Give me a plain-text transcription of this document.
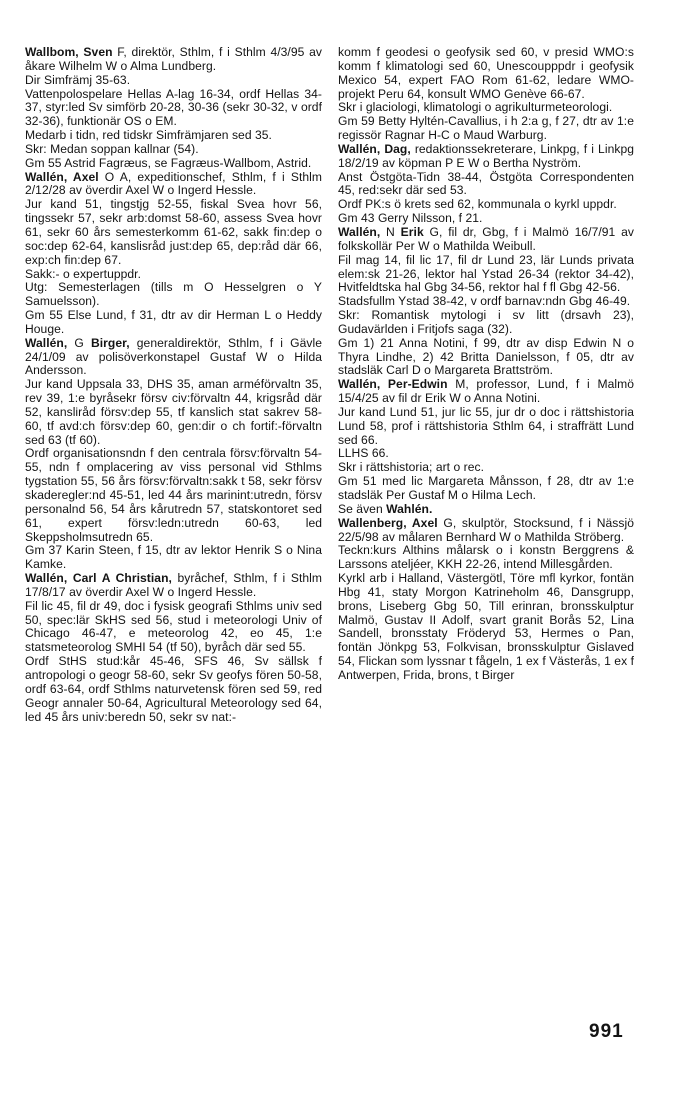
Wallbom, Sven F, direktör, Sthlm, f i Sthlm 4/3/95 av åkare Wilhelm W o Alma Lundberg.

Dir Simfrämj 35-63.

Vattenpolospelare Hellas A-lag 16-34, ordf Hellas 34-37, styr:led Sv simförb 20-28, 30-36 (sekr 30-32, v ordf 32-36), funktionär OS o EM.

Medarb i tidn, red tidskr Simfrämjaren sed 35.

Skr: Medan soppan kallnar (54).

Gm 55 Astrid Fagræus, se Fagræus-Wallbom, Astrid.

Wallén, Axel O A, expeditionschef, Sthlm, f i Sthlm 2/12/28 av överdir Axel W o Ingerd Hessle.

Jur kand 51, tingstjg 52-55, fiskal Svea hovr 56, tingssekr 57, sekr arb:domst 58-60, assess Svea hovr 61, sekr 60 års semesterkomm 61-62, sakk fin:dep o soc:dep 62-64, kanslisråd just:dep 65, dep:råd där 66, exp:ch fin:dep 67.

Sakk:- o expertuppdr.

Utg: Semesterlagen (tills m O Hesselgren o Y Samuelsson).

Gm 55 Else Lund, f 31, dtr av dir Herman L o Heddy Houge.

Wallén, G Birger, generaldirektör, Sthlm, f i Gävle 24/1/09 av polisöverkonstapel Gustaf W o Hilda Andersson.

Jur kand Uppsala 33, DHS 35, aman arméförvaltn 35, rev 39, 1:e byråsekr försv civ:förvaltn 44, krigsråd där 52, kanslіråd försv:dep 55, tf kanslich stat sakrev 58-60, tf avd:ch försv:dep 60, gen:dir o ch fortif:-förvaltn sed 63 (tf 60).

Ordf organisationsndn f den centrala försv:förvaltn 54-55, ndn f omplacering av viss personal vid Sthlms tygstation 55, 56 års försv:förvaltn:sakk t 58, sekr försv skaderegler:nd 45-51, led 44 års marinint:utredn, försv personalnd 56, 54 års kårutredn 57, statskontoret sed 61, expert försv:ledn:utredn 60-63, led Skeppsholmsutredn 65.

Gm 37 Karin Steen, f 15, dtr av lektor Henrik S o Nina Kamke.

Wallén, Carl A Christian, byråchef, Sthlm, f i Sthlm 17/8/17 av överdir Axel W o Ingerd Hessle.

Fil lic 45, fil dr 49, doc i fysisk geografi Sthlms univ sed 50, spec:lär SkHS sed 56, stud i meteorologi Univ of Chicago 46-47, e meteorolog 42, eo 45, 1:e statsmeteorolog SMHI 54 (tf 50), byråch där sed 55.

Ordf StHS stud:kår 45-46, SFS 46, Sv sällsk f antropologi o geogr 58-60, sekr Sv geofys fören 50-58, ordf 63-64, ordf Sthlms naturvetensk fören sed 59, red Geogr annaler 50-64, Agricultural Meteorology sed 64, led 45 års univ:beredn 50, sekr sv nat:-

komm f geodesi o geofysik sed 60, v presid WMO:s komm f klimatologi sed 60, Unescoupppdr i geofysik Mexico 54, expert FAO Rom 61-62, ledare WMO-projekt Peru 64, konsult WMO Genève 66-67.

Skr i glaciologi, klimatologi o agrikulturmeteorologi.

Gm 59 Betty Hyltén-Cavallius, i h 2:a g, f 27, dtr av 1:e regissör Ragnar H-C o Maud Warburg.

Wallén, Dag, redaktionssekreterare, Linkpg, f i Linkpg 18/2/19 av köpman P E W o Bertha Nyström.

Anst Östgöta-Tidn 38-44, Östgöta Correspondenten 45, red:sekr där sed 53.

Ordf PK:s ö krets sed 62, kommunala o kyrkl uppdr.

Gm 43 Gerry Nilsson, f 21.

Wallén, N Erik G, fil dr, Gbg, f i Malmö 16/7/91 av folkskollär Per W o Mathilda Weibull.

Fil mag 14, fil lic 17, fil dr Lund 23, lär Lunds privata elem:sk 21-26, lektor hal Ystad 26-34 (rektor 34-42), Hvitfeldtska hal Gbg 34-56, rektor hal f fl Gbg 42-56.

Stadsfullm Ystad 38-42, v ordf barnav:ndn Gbg 46-49.

Skr: Romantisk mytologi i sv litt (drsavh 23), Gudavärlden i Fritjofs saga (32).

Gm 1) 21 Anna Notini, f 99, dtr av disp Edwin N o Thyra Lindhe, 2) 42 Britta Danielsson, f 05, dtr av stadsläk Carl D o Margareta Brattström.

Wallén, Per-Edwin M, professor, Lund, f i Malmö 15/4/25 av fil dr Erik W o Anna Notini.

Jur kand Lund 51, jur lic 55, jur dr o doc i rättshistoria Lund 58, prof i rättshistoria Sthlm 64, i straffrätt Lund sed 66.

LLHS 66.

Skr i rättshistoria; art o rec.

Gm 51 med lic Margareta Månsson, f 28, dtr av 1:e stadsläk Per Gustaf M o Hilma Lech.

Se även Wahlén.

Wallenberg, Axel G, skulptör, Stocksund, f i Nässjö 22/5/98 av målaren Bernhard W o Mathilda Ströberg.

Teckn:kurs Althins målarsk o i konstn Berggrens & Larssons ateljéer, KKH 22-26, intend Millesgården.

Kyrkl arb i Halland, Västergötl, Töre mfl kyrkor, fontän Hbg 41, staty Morgon Katrineholm 46, Dansgrupp, brons, Liseberg Gbg 50, Till erinran, bronsskulptur Malmö, Gustav II Adolf, svart granit Borås 52, Lina Sandell, bronsstaty Fröderyd 53, Hermes o Pan, fontän Jönkpg 53, Folkvisan, bronsskulptur Gislaved 54, Flickan som lyssnar t fågeln, 1 ex f Västerås, 1 ex f Antwerpen, Frida, brons, t Birger

991
